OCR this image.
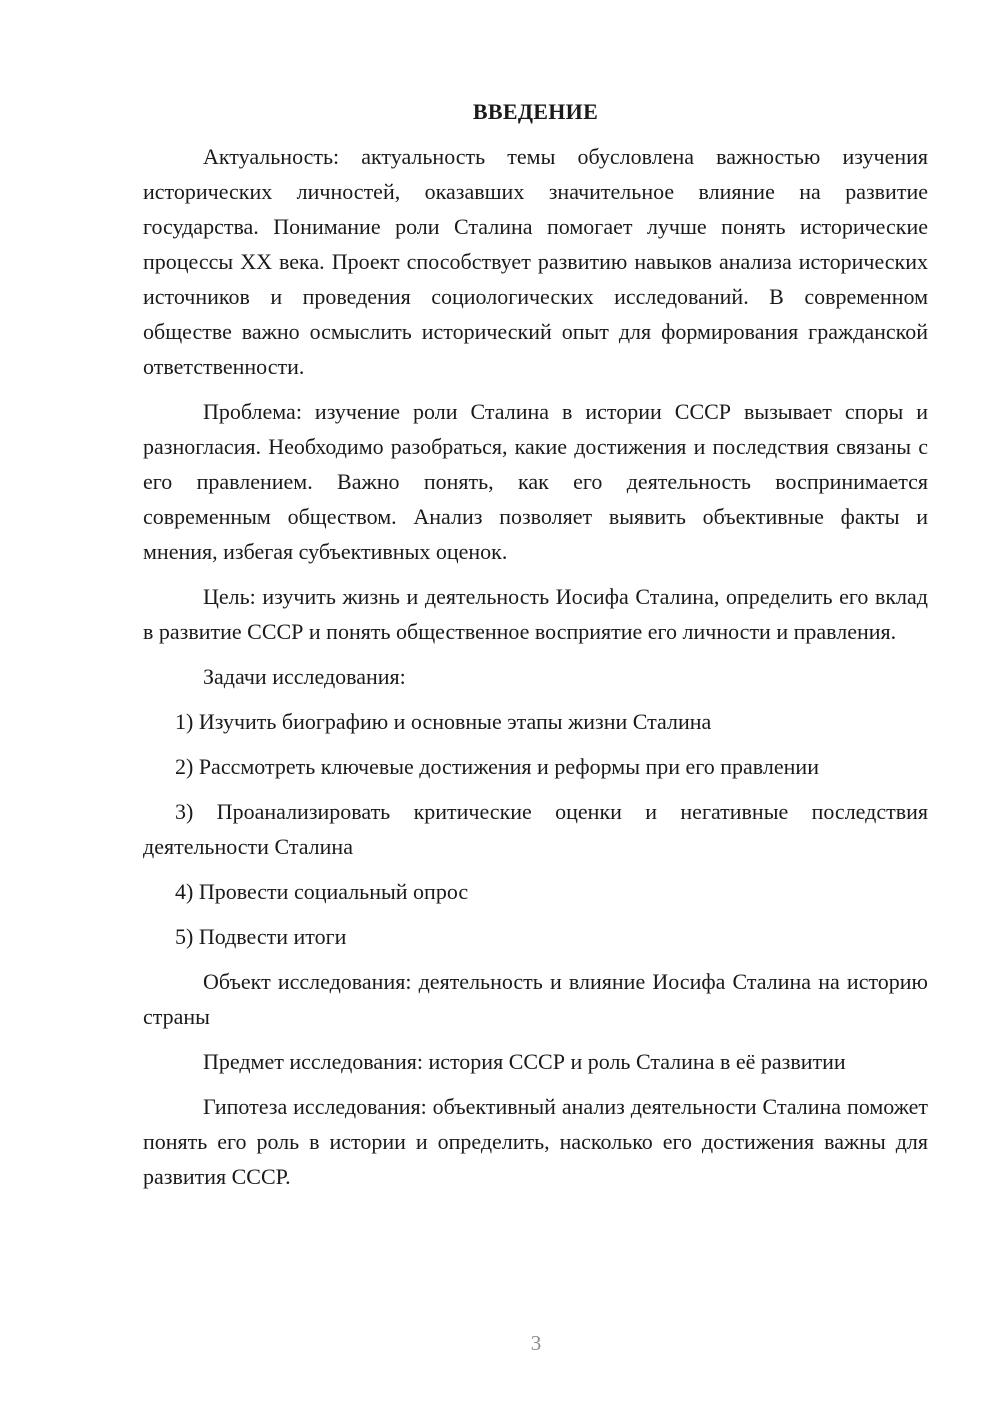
ВВЕДЕНИЕ

Актуальность: актуальность темы обусловлена важностью изучения исторических личностей, оказавших значительное влияние на развитие государства. Понимание роли Сталина помогает лучше понять исторические процессы XX века. Проект способствует развитию навыков анализа исторических источников и проведения социологических исследований. В современном обществе важно осмыслить исторический опыт для формирования гражданской ответственности.

Проблема: изучение роли Сталина в истории СССР вызывает споры и разногласия. Необходимо разобраться, какие достижения и последствия связаны с его правлением. Важно понять, как его деятельность воспринимается современным обществом. Анализ позволяет выявить объективные факты и мнения, избегая субъективных оценок.

Цель: изучить жизнь и деятельность Иосифа Сталина, определить его вклад в развитие СССР и понять общественное восприятие его личности и правления.

Задачи исследования:

1) Изучить биографию и основные этапы жизни Сталина

2) Рассмотреть ключевые достижения и реформы при его правлении

3) Проанализировать критические оценки и негативные последствия деятельности Сталина

4) Провести социальный опрос

5) Подвести итоги

Объект исследования: деятельность и влияние Иосифа Сталина на историю страны

Предмет исследования: история СССР и роль Сталина в её развитии

Гипотеза исследования: объективный анализ деятельности Сталина поможет понять его роль в истории и определить, насколько его достижения важны для развития СССР.

3
